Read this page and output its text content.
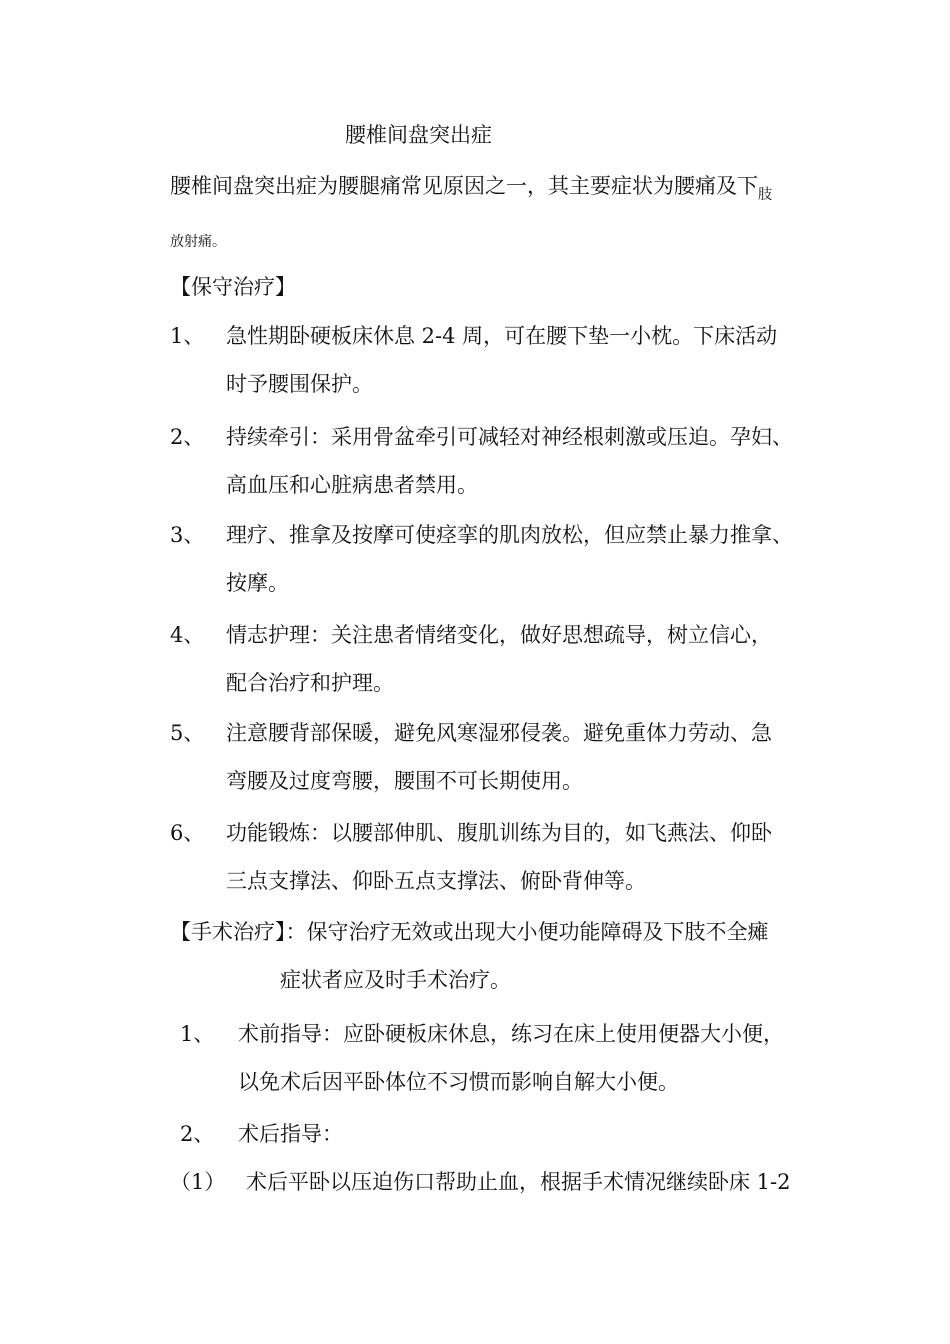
腰椎间盘突出症
腰椎间盘突出症为腰腿痛常见原因之一，其主要症状为腰痛及下$_肢$
放射痛。
【保守治疗】
1、 急性期卧硬板床休息 2-4 周，可在腰下垫一小枕。下床活动
时予腰围保护。
2、 持续牵引：采用骨盆牵引可减轻对神经根刺激或压迫。孕妇、
高血压和心脏病患者禁用。
3、 理疗、推拿及按摩可使痉挛的肌肉放松，但应禁止暴力推拿、
按摩。
4、 情志护理：关注患者情绪变化，做好思想疏导，树立信心，
配合治疗和护理。
5、 注意腰背部保暖，避免风寒湿邪侵袭。避免重体力劳动、急
弯腰及过度弯腰，腰围不可长期使用。
6、 功能锻炼：以腰部伸肌、腹肌训练为目的，如飞燕法、仰卧
三点支撑法、仰卧五点支撑法、俯卧背伸等。
【手术治疗】：保守治疗无效或出现大小便功能障碍及下肢不全瘫
症状者应及时手术治疗。
1、 术前指导：应卧硬板床休息，练习在床上使用便器大小便，
以免术后因平卧体位不习惯而影响自解大小便。
2、 术后指导：
（1） 术后平卧以压迫伤口帮助止血，根据手术情况继续卧床 1-2
